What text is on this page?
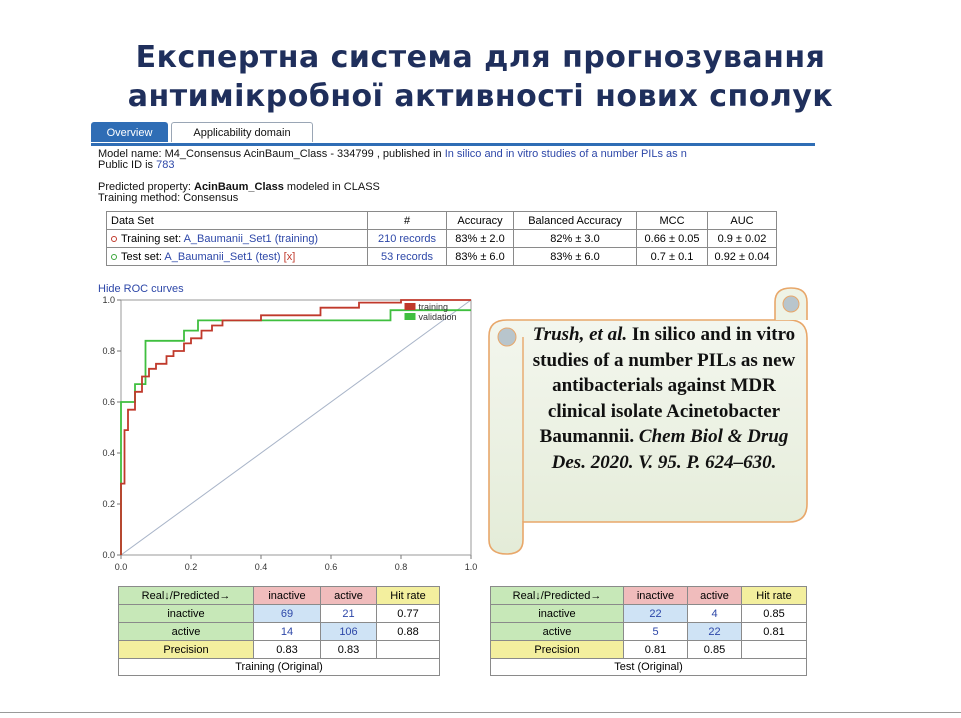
Експертна система для прогнозування
антимікробної активності нових сполук
Overview	Applicability domain
Model name: M4_Consensus AcinBaum_Class - 334799 , published in In silico and in vitro studies of a number PILs as n
Public ID is 783
Predicted property: AcinBaum_Class modeled in CLASS
Training method: Consensus
Data Set	#	Accuracy	Balanced Accuracy	MCC	AUC
Training set: A_Baumanii_Set1 (training)	210 records	83% ± 2.0	82% ± 3.0	0.66 ± 0.05	0.9 ± 0.02
Test set: A_Baumanii_Set1 (test) [x]	53 records	83% ± 6.0	83% ± 6.0	0.7 ± 0.1	0.92 ± 0.04
Hide ROC curves
0.0	0.2	0.4	0.6	0.8	1.0
0.0
0.2
0.4
0.6
0.8
1.0
training
validation
Real↓/Predicted→	inactive	active	Hit rate
inactive	69	21	0.77
active	14	106	0.88
Precision	0.83	0.83	
Training (Original)			
Real↓/Predicted→	inactive	active	Hit rate
inactive	22	4	0.85
active	5	22	0.81
Precision	0.81	0.85	
Test (Original)			
Trush, et al. In silico and in vitro studies of a number PILs as new antibacterials against MDR clinical isolate Acinetobacter Baumannii. Chem Biol & Drug Des. 2020. V. 95. P. 624–630.
